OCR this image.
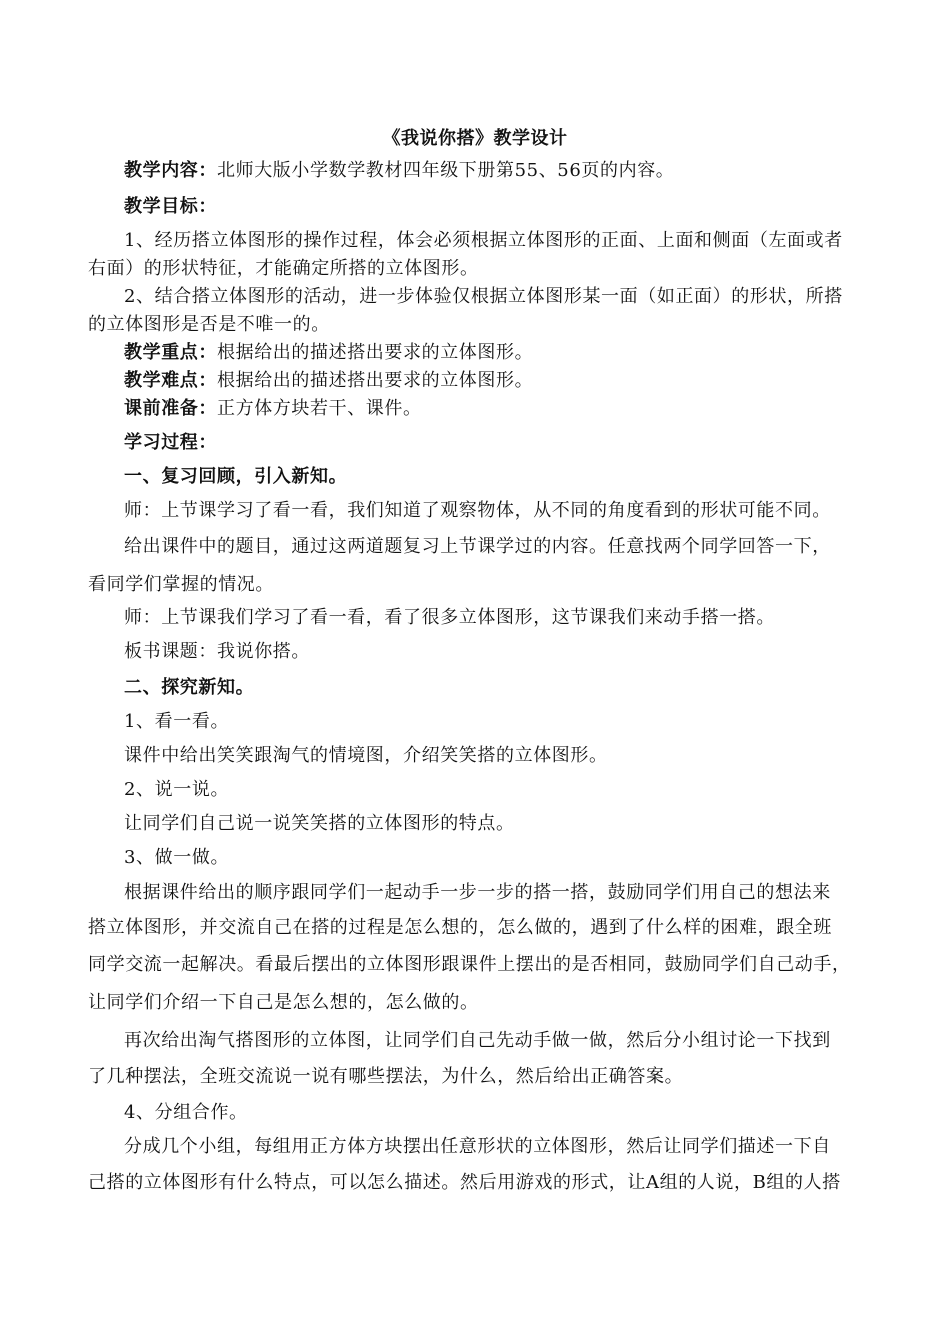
《我说你搭》教学设计
教学内容：北师大版小学数学教材四年级下册第55、56页的内容。
教学目标：
1、经历搭立体图形的操作过程，体会必须根据立体图形的正面、上面和侧面（左面或者
右面）的形状特征，才能确定所搭的立体图形。
2、结合搭立体图形的活动，进一步体验仅根据立体图形某一面（如正面）的形状，所搭
的立体图形是否是不唯一的。
教学重点：根据给出的描述搭出要求的立体图形。
教学难点：根据给出的描述搭出要求的立体图形。
课前准备：正方体方块若干、课件。
学习过程：
一、复习回顾，引入新知。
师：上节课学习了看一看，我们知道了观察物体，从不同的角度看到的形状可能不同。
给出课件中的题目，通过这两道题复习上节课学过的内容。任意找两个同学回答一下，
看同学们掌握的情况。
师：上节课我们学习了看一看，看了很多立体图形，这节课我们来动手搭一搭。
板书课题：我说你搭。
二、探究新知。
1、看一看。
课件中给出笑笑跟淘气的情境图，介绍笑笑搭的立体图形。
2、说一说。
让同学们自己说一说笑笑搭的立体图形的特点。
3、做一做。
根据课件给出的顺序跟同学们一起动手一步一步的搭一搭，鼓励同学们用自己的想法来
搭立体图形，并交流自己在搭的过程是怎么想的，怎么做的，遇到了什么样的困难，跟全班
同学交流一起解决。看最后摆出的立体图形跟课件上摆出的是否相同，鼓励同学们自己动手，
让同学们介绍一下自己是怎么想的，怎么做的。
再次给出淘气搭图形的立体图，让同学们自己先动手做一做，然后分小组讨论一下找到
了几种摆法，全班交流说一说有哪些摆法，为什么，然后给出正确答案。
4、分组合作。
分成几个小组，每组用正方体方块摆出任意形状的立体图形，然后让同学们描述一下自
己搭的立体图形有什么特点，可以怎么描述。然后用游戏的形式，让A组的人说，B组的人搭
